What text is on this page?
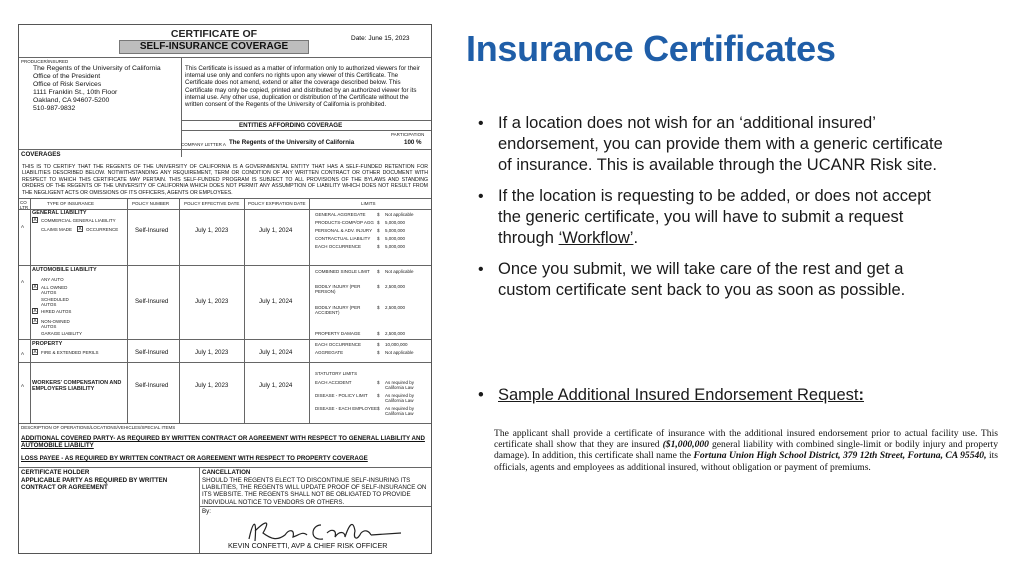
CERTIFICATE OF
SELF-INSURANCE COVERAGE
Date: June 15, 2023
PRODUCER/INSURED
The Regents of the University of California
Office of the President
Office of Risk Services
1111 Franklin St., 10th Floor
Oakland, CA 94607-5200
510-987-9832
This Certificate is issued as a matter of information only to authorized viewers for their internal use only and confers no rights upon any viewer of this Certificate. The Certificate does not amend, extend or alter the coverage described below. This Certificate may only be copied, printed and distributed by an authorized viewer for its internal use. Any other use, duplication or distribution of the Certificate without the written consent of the Regents of the University of California is prohibited.
ENTITIES AFFORDING COVERAGE
PARTICIPATION
COMPANY LETTER A The Regents of the University of California	100 %
COVERAGES
THIS IS TO CERTIFY THAT THE REGENTS OF THE UNIVERSITY OF CALIFORNIA IS A GOVERNMENTAL ENTITY THAT HAS A SELF-FUNDED RETENTION FOR LIABILITIES DESCRIBED BELOW. NOTWITHSTANDING ANY REQUIREMENT, TERM OR CONDITION OF ANY WRITTEN CONTRACT OR OTHER DOCUMENT WITH RESPECT TO WHICH THIS CERTIFICATE MAY PERTAIN. THIS SELF-FUNDED PROGRAM IS SUBJECT TO ALL PROVISIONS OF THE BYLAWS AND STANDING ORDERS OF THE REGENTS OF THE UNIVERSITY OF CALIFORNIA WHICH DOES NOT PERMIT ANY ASSUMPTION OF LIABILITY WHICH DOES NOT RESULT FROM THE NEGLIGENT ACTS OR OMISSIONS OF ITS OFFICERS, AGENTS OR EMPLOYEES.
CO LTR
TYPE OF INSURANCE	POLICY NUMBER	POLICY EFFECTIVE DATE POLICY EXPIRATION DATE	LIMITS
GENERAL LIABILITY
A
X COMMERCIAL GENERAL LIABILITY
CLAIMS MADE X OCCURRENCE	Self-Insured	July 1, 2023	July 1, 2024
GENERAL AGGREGATE	$ Not applicable
PRODUCTS-COMP/OP AGG $ 5,000,000
PERSONAL & ADV. INJURY $ 5,000,000
CONTRACTUAL LIABILITY $ 5,000,000
EACH OCCURRENCE	$ 5,000,000
AUTOMOBILE LIABILITY
A	ANY AUTO
X ALL OWNED AUTOS
SCHEDULED AUTOS
X HIRED AUTOS
X NON-OWNED AUTOS
GARAGE LIABILITY
Self-Insured	July 1, 2023	July 1, 2024
COMBINED SINGLE LIMIT $ Not applicable
BODILY INJURY (PER PERSON)
$ 2,500,000
BODILY INJURY (PER ACCIDENT)
$ 2,500,000
PROPERTY DAMAGE	$ 2,500,000
PROPERTY
A X FIRE & EXTENDED PERILS	Self-Insured	July 1, 2023	July 1, 2024
EACH OCCURRENCE	$ 10,000,000
AGGREGATE	$ Not applicable
WORKERS' COMPENSATION AND EMPLOYERS LIABILITY
A	Self-Insured	July 1, 2023	July 1, 2024
STATUTORY LIMITS
EACH ACCIDENT	$ As required by California Law
DISEASE - POLICY LIMIT $ As required by California Law
DISEASE - EACH EMPLOYEE $ As required by California Law
DESCRIPTION OF OPERATIONS/LOCATIONS/VEHICLES/SPECIAL ITEMS
ADDITIONAL COVERED PARTY- AS REQUIRED BY WRITTEN CONTRACT OR AGREEMENT WITH RESPECT TO GENERAL LIABILITY AND AUTOMOBILE LIABILITY
LOSS PAYEE - AS REQUIRED BY WRITTEN CONTRACT OR AGREEMENT WITH RESPECT TO PROPERTY COVERAGE
CERTIFICATE HOLDER
APPLICABLE PARTY AS REQUIRED BY WRITTEN CONTRACT OR AGREEMENT
CANCELLATION
SHOULD THE REGENTS ELECT TO DISCONTINUE SELF-INSURING ITS LIABILITIES, THE REGENTS WILL UPDATE PROOF OF SELF-INSURANCE ON ITS WEBSITE. THE REGENTS SHALL NOT BE OBLIGATED TO PROVIDE INDIVIDUAL NOTICE TO VENDORS OR OTHERS.
By:
KEVIN CONFETTI, AVP & CHIEF RISK OFFICER
Insurance Certificates
• If a location does not wish for an ‘additional insured’ endorsement, you can provide them with a generic certificate of insurance. This is available through the UCANR Risk site.
• If the location is requesting to be added, or does not accept the generic certificate, you will have to submit a request through ‘Workflow’.
• Once you submit, we will take care of the rest and get a custom certificate sent back to you as soon as possible.
• Sample Additional Insured Endorsement Request:
The applicant shall provide a certificate of insurance with the additional insured endorsement prior to actual facility use. This certificate shall show that they are insured ($1,000,000 general liability with combined single-limit or bodily injury and property damage). In addition, this certificate shall name the Fortuna Union High School District, 379 12th Street, Fortuna, CA 95540, its officials, agents and employees as additional insured, without obligation or payment of premiums.
